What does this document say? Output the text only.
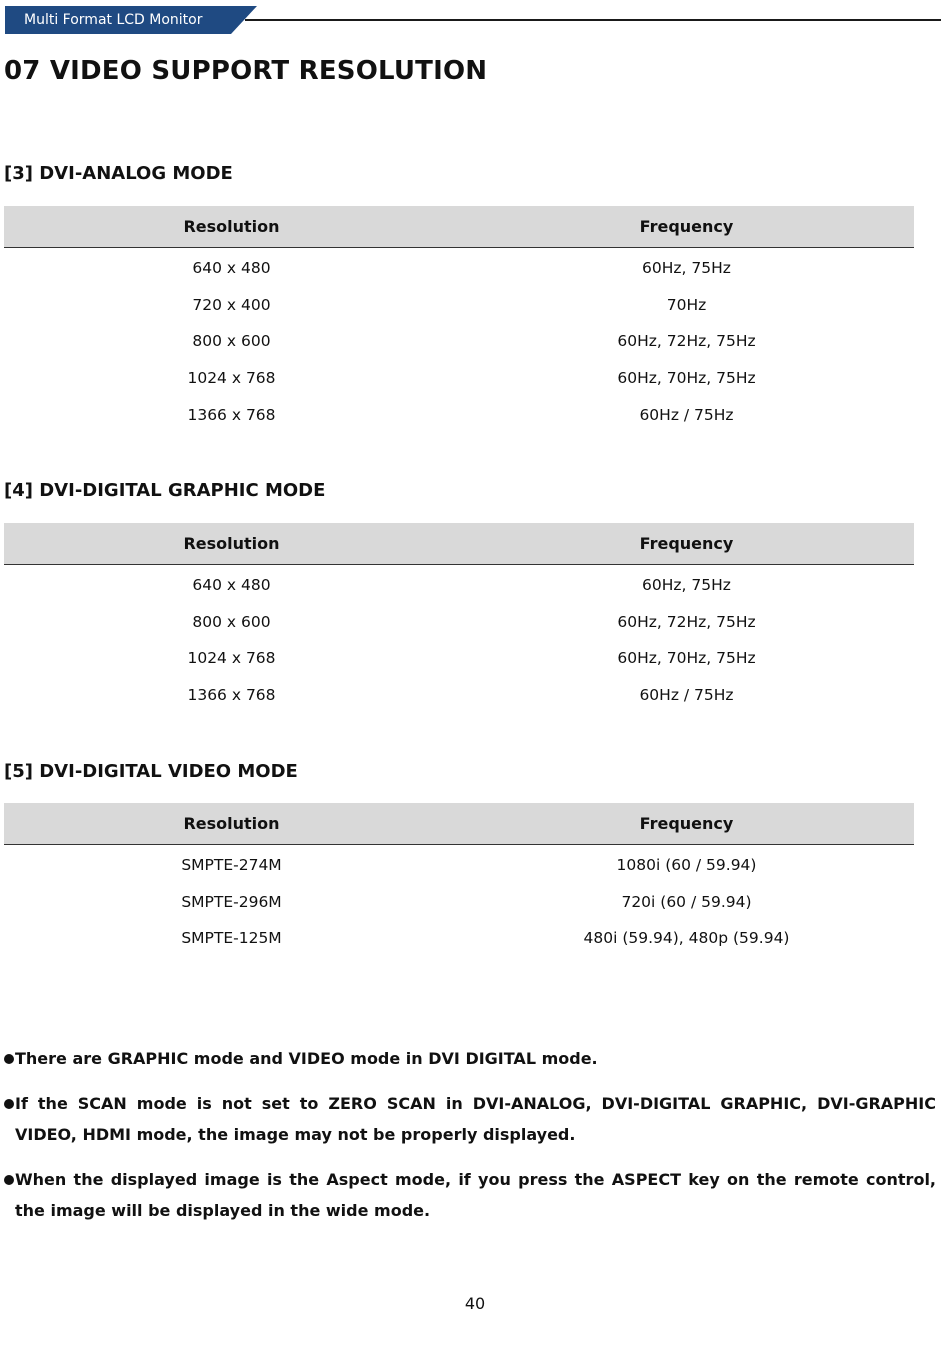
Multi Format LCD Monitor
07 VIDEO SUPPORT RESOLUTION
[3] DVI-ANALOG MODE
Resolution	Frequency
640 x 480	60Hz, 75Hz
720 x 400	70Hz
800 x 600	60Hz, 72Hz, 75Hz
1024 x 768	60Hz, 70Hz, 75Hz
1366 x 768	60Hz / 75Hz
[4] DVI-DIGITAL GRAPHIC MODE
Resolution	Frequency
640 x 480	60Hz, 75Hz
800 x 600	60Hz, 72Hz, 75Hz
1024 x 768	60Hz, 70Hz, 75Hz
1366 x 768	60Hz / 75Hz
[5] DVI-DIGITAL VIDEO MODE
Resolution	Frequency
SMPTE-274M	1080i (60 / 59.94)
SMPTE-296M	720i (60 / 59.94)
SMPTE-125M	480i (59.94), 480p (59.94)
There are GRAPHIC mode and VIDEO mode in DVI DIGITAL mode.
If the SCAN mode is not set to ZERO SCAN in DVI-ANALOG, DVI-DIGITAL GRAPHIC, DVI-GRAPHIC VIDEO, HDMI mode, the image may not be properly displayed.
When the displayed image is the Aspect mode, if you press the ASPECT key on the remote control, the image will be displayed in the wide mode.
40
